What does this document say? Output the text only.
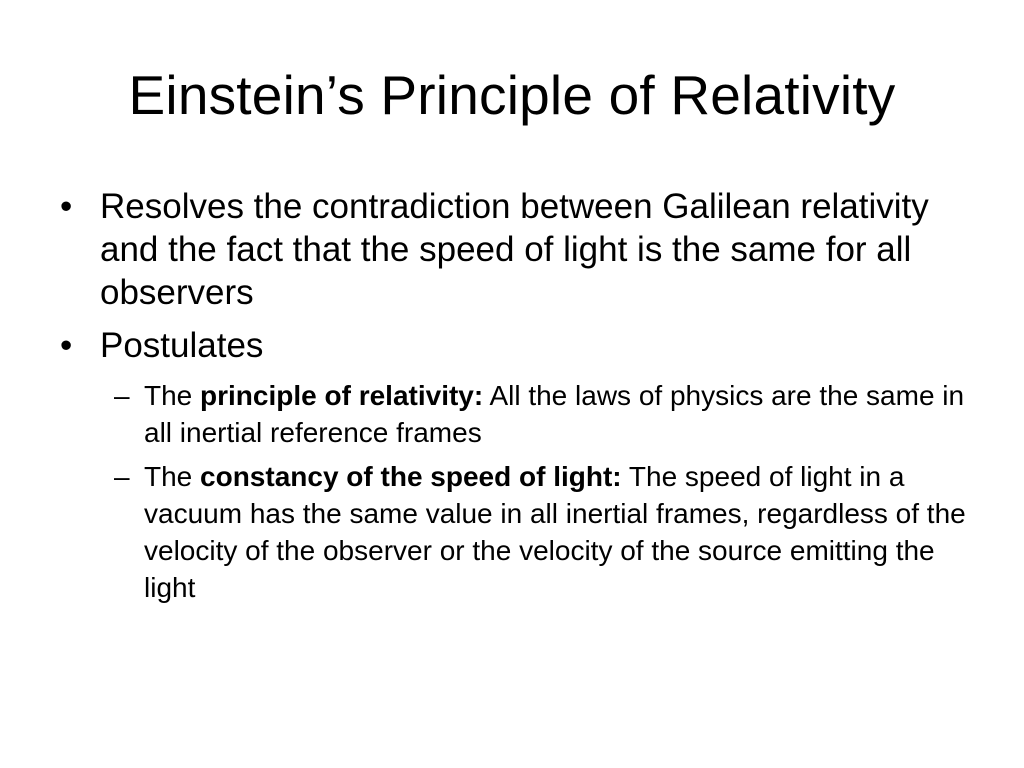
Einstein’s Principle of Relativity
• Resolves the contradiction between Galilean relativity and the fact that the speed of light is the same for all observers
• Postulates
– The principle of relativity: All the laws of physics are the same in all inertial reference frames
– The constancy of the speed of light: The speed of light in a vacuum has the same value in all inertial frames, regardless of the velocity of the observer or the velocity of the source emitting the light
